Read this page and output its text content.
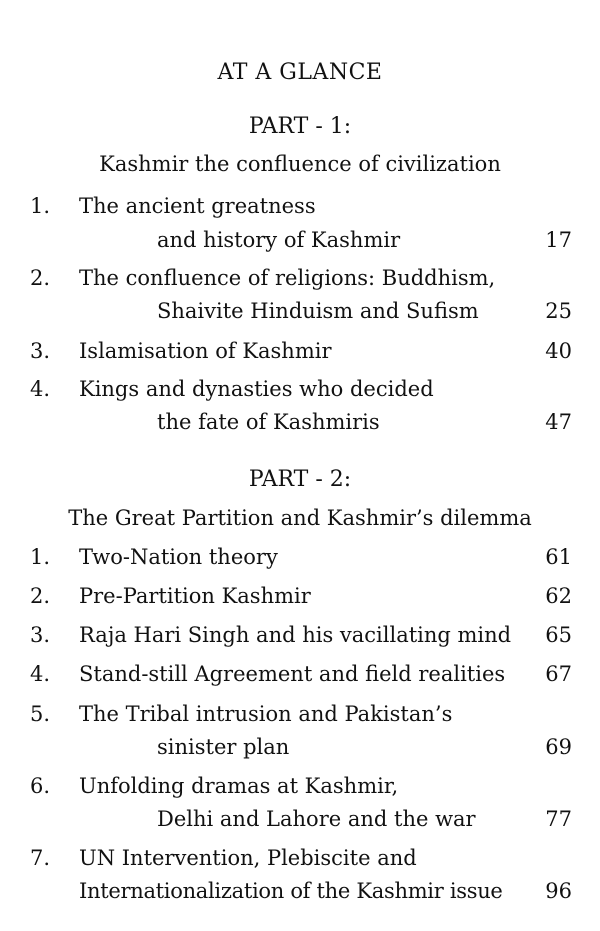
AT A GLANCE
PART - 1:
Kashmir the confluence of civilization
1. The ancient greatness
and history of Kashmir	17
2. The confluence of religions: Buddhism,
Shaivite Hinduism and Sufism	25
3. Islamisation of Kashmir	40
4. Kings and dynasties who decided
the fate of Kashmiris	47
PART - 2:
The Great Partition and Kashmir’s dilemma
1. Two-Nation theory	61
2. Pre-Partition Kashmir	62
3. Raja Hari Singh and his vacillating mind 65
4. Stand-still Agreement and field realities 67
5. The Tribal intrusion and Pakistan’s
sinister plan	69
6. Unfolding dramas at Kashmir,
Delhi and Lahore and the war	77
7. UN Intervention, Plebiscite and
Internationalization of the Kashmir issue 96
